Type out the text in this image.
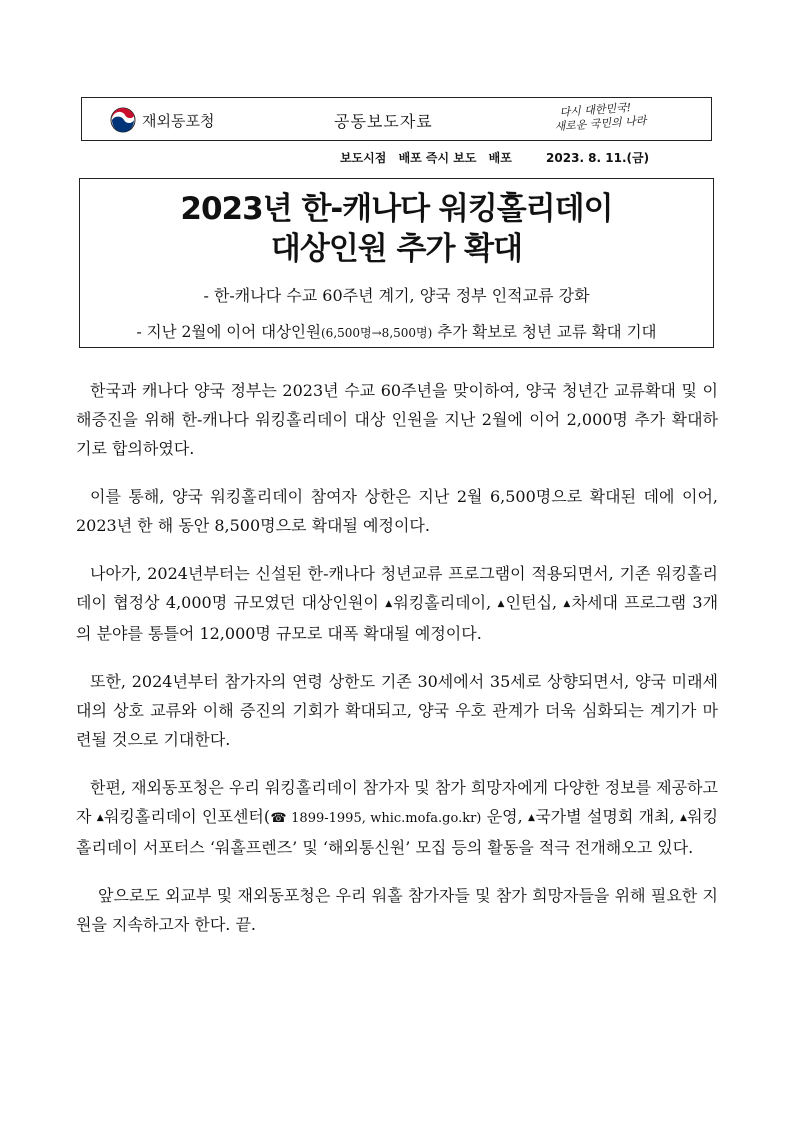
재외동포청	공동보도자료
다시 대한민국!
새로운 국민의 나라
보도시점 배포 즉시 보도 배포	2023. 8. 11.(금)
2023년 한-캐나다 워킹홀리데이
대상인원 추가 확대
- 한-캐나다 수교 60주년 계기, 양국 정부 인적교류 강화
- 지난 2월에 이어 대상인원(6,500명→8,500명) 추가 확보로 청년 교류 확대 기대

한국과 캐나다 양국 정부는 2023년 수교 60주년을 맞이하여, 양국 청년간 교류확대 및 이해증진을 위해 한-캐나다 워킹홀리데이 대상 인원을 지난 2월에 이어 2,000명 추가 확대하기로 합의하였다.

이를 통해, 양국 워킹홀리데이 참여자 상한은 지난 2월 6,500명으로 확대된 데에 이어, 2023년 한 해 동안 8,500명으로 확대될 예정이다.

나아가, 2024년부터는 신설된 한-캐나다 청년교류 프로그램이 적용되면서, 기존 워킹홀리데이 협정상 4,000명 규모였던 대상인원이 ▲워킹홀리데이, ▲인턴십, ▲차세대 프로그램 3개의 분야를 통틀어 12,000명 규모로 대폭 확대될 예정이다.

또한, 2024년부터 참가자의 연령 상한도 기존 30세에서 35세로 상향되면서, 양국 미래세대의 상호 교류와 이해 증진의 기회가 확대되고, 양국 우호 관계가 더욱 심화되는 계기가 마련될 것으로 기대한다.

한편, 재외동포청은 우리 워킹홀리데이 참가자 및 참가 희망자에게 다양한 정보를 제공하고자 ▲워킹홀리데이 인포센터(☎ 1899-1995, whic.mofa.go.kr) 운영, ▲국가별 설명회 개최, ▲워킹홀리데이 서포터스 ‘워홀프렌즈’ 및 ‘해외통신원’ 모집 등의 활동을 적극 전개해오고 있다.

앞으로도 외교부 및 재외동포청은 우리 워홀 참가자들 및 참가 희망자들을 위해 필요한 지원을 지속하고자 한다. 끝.
